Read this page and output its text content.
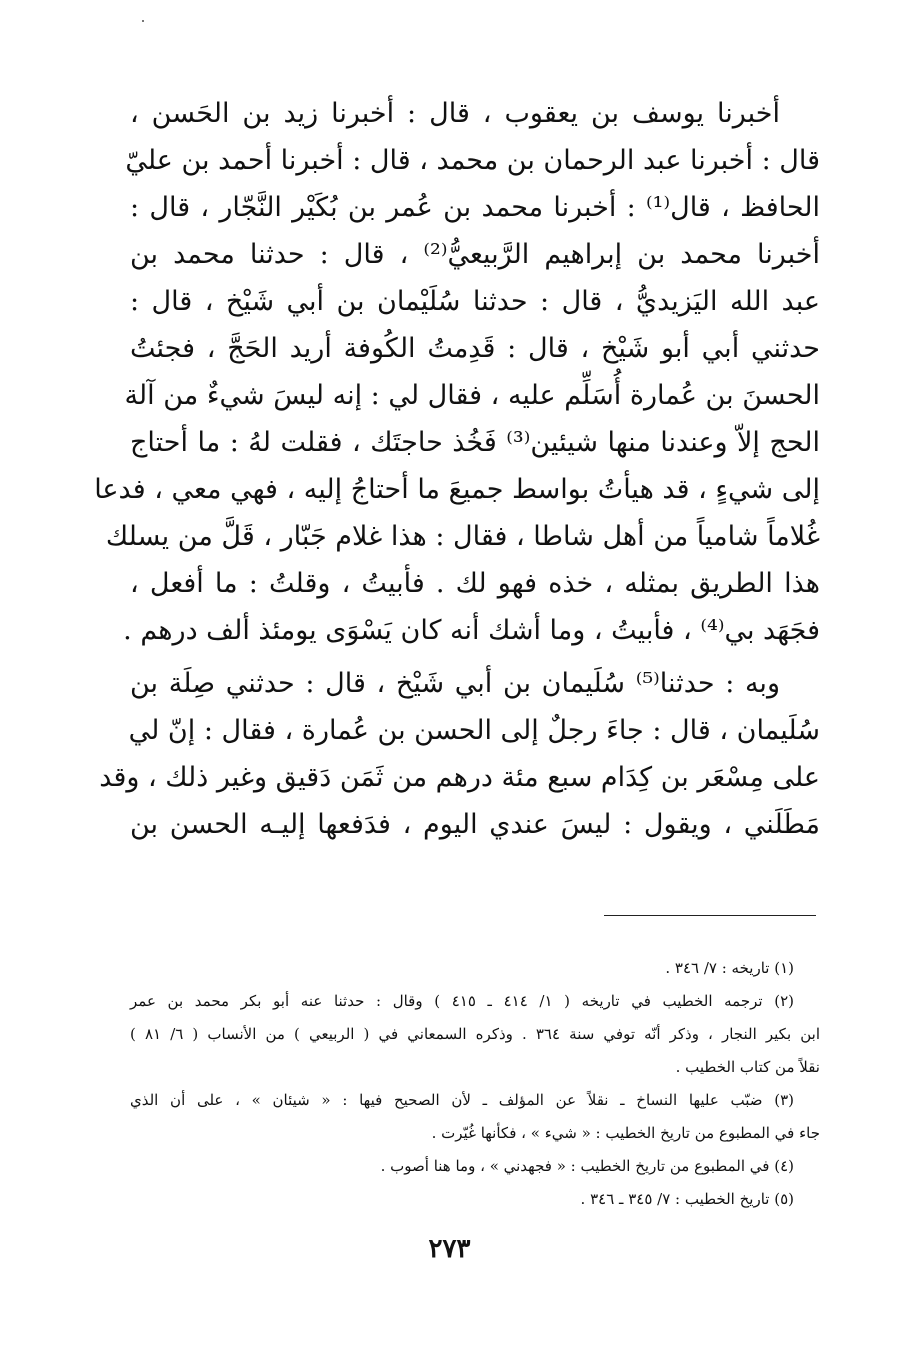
أخبرنا يوسف بن يعقوب ، قال : أخبرنا زيد بن الحَسن ،
قال : أخبرنا عبد الرحمان بن محمد ، قال : أخبرنا أحمد بن عليّ
الحافظ ، قال⁽¹⁾ : أخبرنا محمد بن عُمر بن بُكَيْر النَّجّار ، قال :
أخبرنا محمد بن إبراهيم الرَّبيعيُّ⁽²⁾ ، قال : حدثنا محمد بن
عبد الله اليَزيديُّ ، قال : حدثنا سُلَيْمان بن أبي شَيْخ ، قال :
حدثني أبي أبو شَيْخ ، قال : قَدِمتُ الكُوفة أريد الحَجَّ ، فجئتُ
الحسنَ بن عُمارة أُسَلِّم عليه ، فقال لي : إنه ليسَ شيءٌ من آلة
الحج إلاّ وعندنا منها شيئين⁽³⁾ فَخُذ حاجتَك ، فقلت لهُ : ما أحتاج
إلى شيءٍ ، قد هيأتُ بواسط جميعَ ما أحتاجُ إليه ، فهي معي ، فدعا
غُلاماً شامياً من أهل شاطا ، فقال : هذا غلام جَبّار ، قَلَّ من يسلك
هذا الطريق بمثله ، خذه فهو لك . فأبيتُ ، وقلتُ : ما أفعل ،
فجَهَد بي⁽⁴⁾ ، فأبيتُ ، وما أشك أنه كان يَسْوَى يومئذ ألف درهم .
وبه : حدثنا⁽⁵⁾ سُلَيمان بن أبي شَيْخ ، قال : حدثني صِلَة بن
سُلَيمان ، قال : جاءَ رجلٌ إلى الحسن بن عُمارة ، فقال : إنّ لي
على مِسْعَر بن كِدَام سبع مئة درهم من ثَمَن دَقيق وغير ذلك ، وقد
مَطَلَني ، ويقول : ليسَ عندي اليوم ، فدَفعها إليـه الحسن بن
(١) تاريخه : ٧/ ٣٤٦ .
(٢) ترجمه الخطيب في تاريخه ( ١/ ٤١٤ ـ ٤١٥ ) وقال : حدثنا عنه أبو بكر محمد بن عمر
ابن بكير النجار ، وذكر أنّه توفي سنة ٣٦٤ . وذكره السمعاني في ( الربيعي ) من الأنساب ( ٦/ ٨١ )
نقلاً من كتاب الخطيب .
(٣) ضبّب عليها النساخ ـ نقلاً عن المؤلف ـ لأن الصحيح فيها : « شيئان » ، على أن الذي
جاء في المطبوع من تاريخ الخطيب : « شيء » ، فكأنها غُيّرت .
(٤) في المطبوع من تاريخ الخطيب : « فجهدني » ، وما هنا أصوب .
(٥) تاريخ الخطيب : ٧/ ٣٤٥ ـ ٣٤٦ .
٢٧٣
